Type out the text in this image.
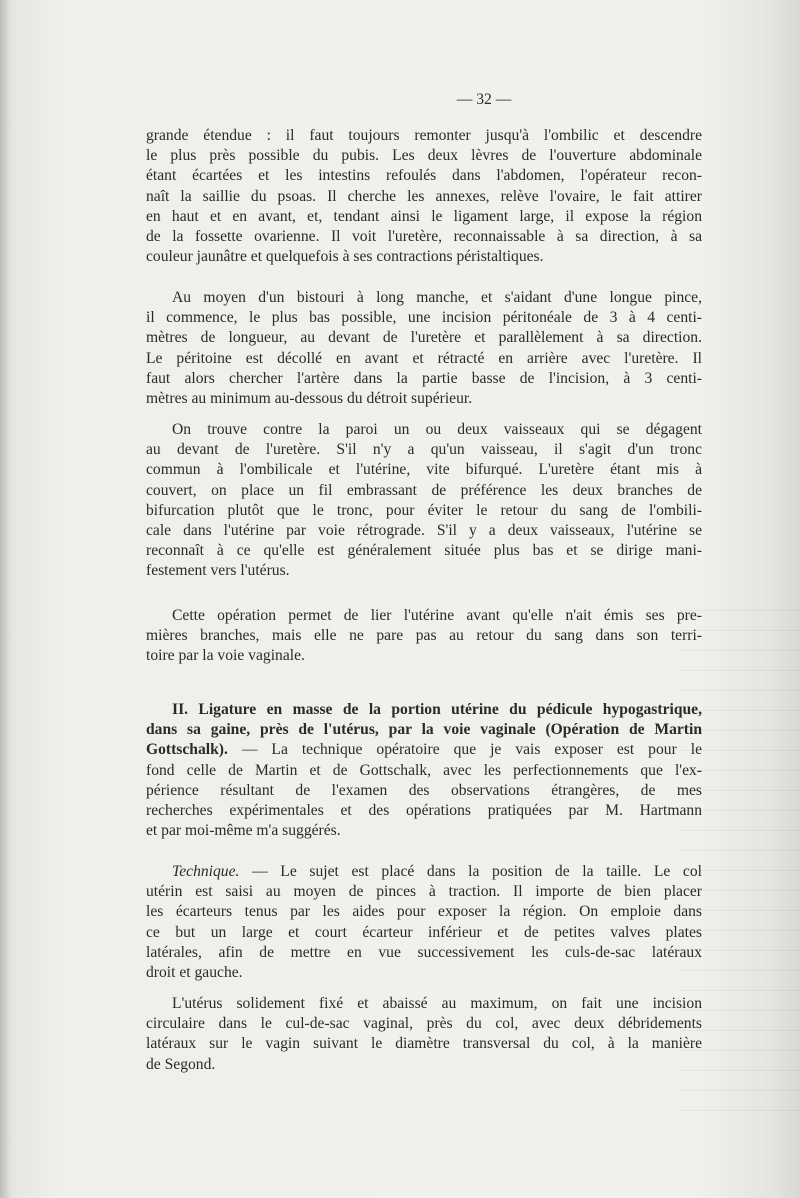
— 32 —
grande étendue : il faut toujours remonter jusqu'à l'ombilic et descendre
le plus près possible du pubis. Les deux lèvres de l'ouverture abdominale
étant écartées et les intestins refoulés dans l'abdomen, l'opérateur recon-
naît la saillie du psoas. Il cherche les annexes, relève l'ovaire, le fait attirer
en haut et en avant, et, tendant ainsi le ligament large, il expose la région
de la fossette ovarienne. Il voit l'uretère, reconnaissable à sa direction, à sa
couleur jaunâtre et quelquefois à ses contractions péristaltiques.
Au moyen d'un bistouri à long manche, et s'aidant d'une longue pince,
il commence, le plus bas possible, une incision péritonéale de 3 à 4 centi-
mètres de longueur, au devant de l'uretère et parallèlement à sa direction.
Le péritoine est décollé en avant et rétracté en arrière avec l'uretère. Il
faut alors chercher l'artère dans la partie basse de l'incision, à 3 centi-
mètres au minimum au-dessous du détroit supérieur.
On trouve contre la paroi un ou deux vaisseaux qui se dégagent
au devant de l'uretère. S'il n'y a qu'un vaisseau, il s'agit d'un tronc
commun à l'ombilicale et l'utérine, vite bifurqué. L'uretère étant mis à
couvert, on place un fil embrassant de préférence les deux branches de
bifurcation plutôt que le tronc, pour éviter le retour du sang de l'ombili-
cale dans l'utérine par voie rétrograde. S'il y a deux vaisseaux, l'utérine se
reconnaît à ce qu'elle est généralement située plus bas et se dirige mani-
festement vers l'utérus.
Cette opération permet de lier l'utérine avant qu'elle n'ait émis ses pre-
mières branches, mais elle ne pare pas au retour du sang dans son terri-
toire par la voie vaginale.
II. Ligature en masse de la portion utérine du pédicule hypogastrique,
dans sa gaine, près de l'utérus, par la voie vaginale (Opération de Martin
Gottschalk). — La technique opératoire que je vais exposer est pour le
fond celle de Martin et de Gottschalk, avec les perfectionnements que l'ex-
périence résultant de l'examen des observations étrangères, de mes
recherches expérimentales et des opérations pratiquées par M. Hartmann
et par moi-même m'a suggérés.
Technique. — Le sujet est placé dans la position de la taille. Le col
utérin est saisi au moyen de pinces à traction. Il importe de bien placer
les écarteurs tenus par les aides pour exposer la région. On emploie dans
ce but un large et court écarteur inférieur et de petites valves plates
latérales, afin de mettre en vue successivement les culs-de-sac latéraux
droit et gauche.
L'utérus solidement fixé et abaissé au maximum, on fait une incision
circulaire dans le cul-de-sac vaginal, près du col, avec deux débridements
latéraux sur le vagin suivant le diamètre transversal du col, à la manière
de Segond.
